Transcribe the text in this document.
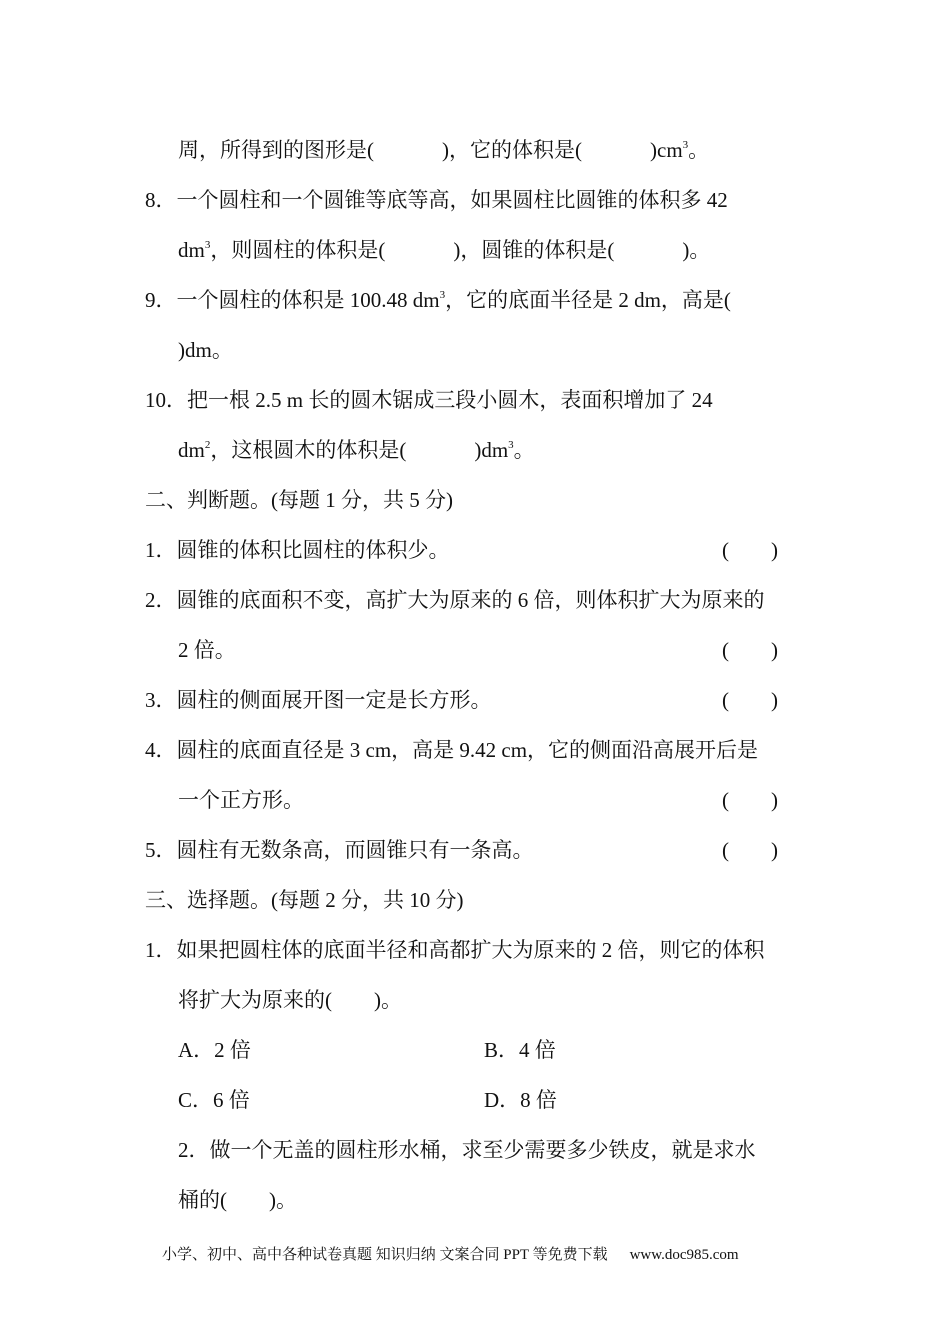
周，所得到的图形是(	)，它的体积是(	)$cm^3$。
8．一个圆柱和一个圆锥等底等高，如果圆柱比圆锥的体积多 42
$dm^3$，则圆柱的体积是(	)，圆锥的体积是(	)。
9．一个圆柱的体积是 100.48 $dm^3$，它的底面半径是 2 dm，高是(
)dm。
10．把一根 2.5 m 长的圆木锯成三段小圆木，表面积增加了 24
$dm^2$，这根圆木的体积是(	)$dm^3$。
二、判断题。(每题 1 分，共 5 分)
1．圆锥的体积比圆柱的体积少。	(　　)
2．圆锥的底面积不变，高扩大为原来的 6 倍，则体积扩大为原来的
2 倍。	(　　)
3．圆柱的侧面展开图一定是长方形。	(　　)
4．圆柱的底面直径是 3 cm，高是 9.42 cm，它的侧面沿高展开后是
一个正方形。	(　　)
5．圆柱有无数条高，而圆锥只有一条高。	(　　)
三、选择题。(每题 2 分，共 10 分)
1．如果把圆柱体的底面半径和高都扩大为原来的 2 倍，则它的体积
将扩大为原来的(　　)。
A．2 倍	B．4 倍
C．6 倍	D．8 倍
2．做一个无盖的圆柱形水桶，求至少需要多少铁皮，就是求水
桶的(　　)。
小学、初中、高中各种试卷真题 知识归纳 文案合同 PPT 等免费下载 www.doc985.com
